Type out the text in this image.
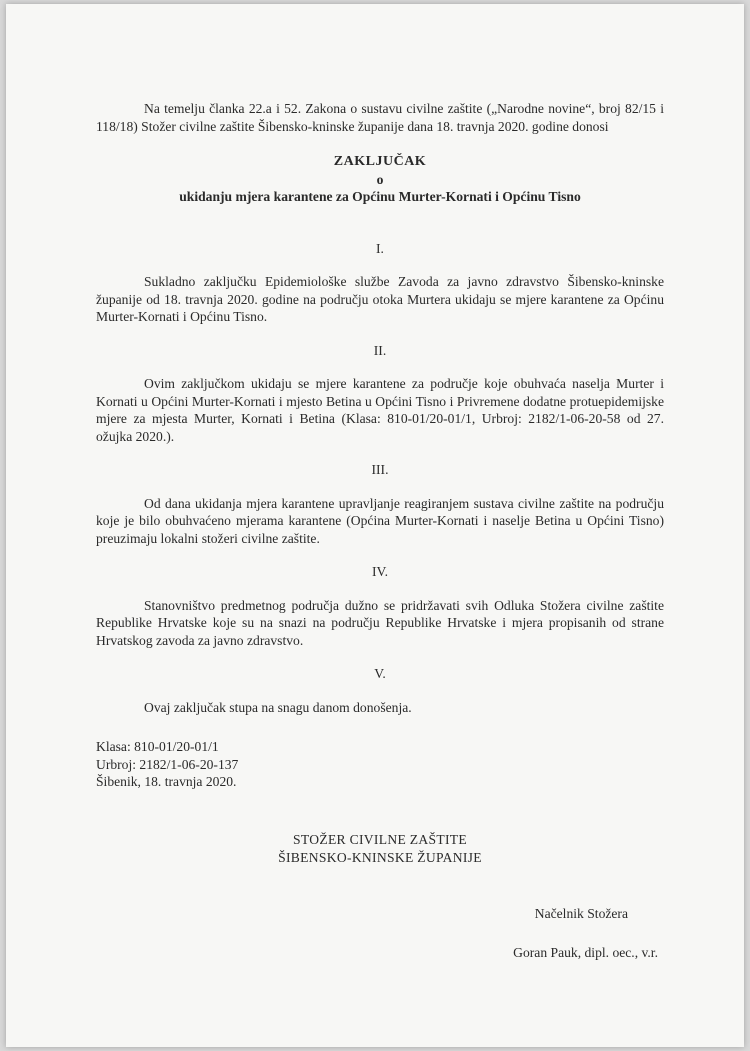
Na temelju članka 22.a i 52. Zakona o sustavu civilne zaštite („Narodne novine“, broj 82/15 i 118/18) Stožer civilne zaštite Šibensko-kninske županije dana 18. travnja 2020. godine donosi

ZAKLJUČAK
o
ukidanju mjera karantene za Općinu Murter-Kornati i Općinu Tisno
I.

Sukladno zaključku Epidemiološke službe Zavoda za javno zdravstvo Šibensko-kninske županije od 18. travnja 2020. godine na području otoka Murtera ukidaju se mjere karantene za Općinu Murter-Kornati i Općinu Tisno.

II.

Ovim zaključkom ukidaju se mjere karantene za područje koje obuhvaća naselja Murter i Kornati u Općini Murter-Kornati i mjesto Betina u Općini Tisno i Privremene dodatne protuepidemijske mjere za mjesta Murter, Kornati i Betina (Klasa: 810-01/20-01/1, Urbroj: 2182/1-06-20-58 od 27. ožujka 2020.).

III.

Od dana ukidanja mjera karantene upravljanje reagiranjem sustava civilne zaštite na području koje je bilo obuhvaćeno mjerama karantene (Općina Murter-Kornati i naselje Betina u Općini Tisno) preuzimaju lokalni stožeri civilne zaštite.

IV.

Stanovništvo predmetnog područja dužno se pridržavati svih Odluka Stožera civilne zaštite Republike Hrvatske koje su na snazi na području Republike Hrvatske i mjera propisanih od strane Hrvatskog zavoda za javno zdravstvo.

V.

Ovaj zaključak stupa na snagu danom donošenja.

Klasa: 810-01/20-01/1
Urbroj: 2182/1-06-20-137
Šibenik, 18. travnja 2020.
STOŽER CIVILNE ZAŠTITE
ŠIBENSKO-KNINSKE ŽUPANIJE
Načelnik Stožera
Goran Pauk, dipl. oec., v.r.
